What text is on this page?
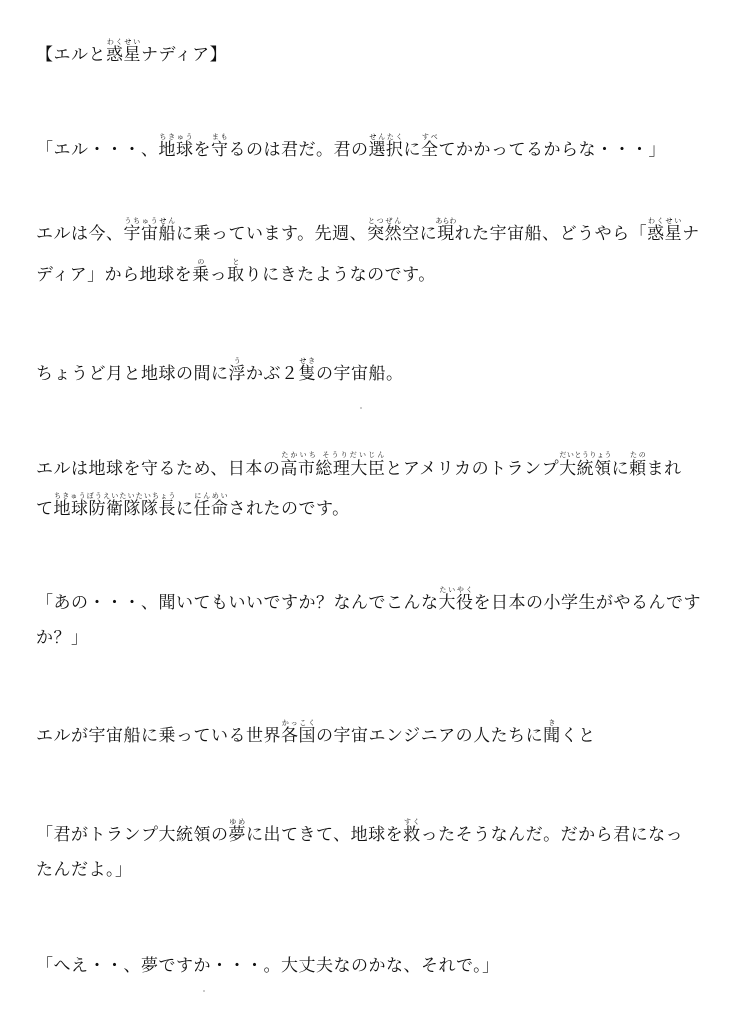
【エルと惑星わくせいナディア】
「エル・・・、地球ちきゅうを守まもるのは君だ。君の選択せんたくに全すべてかかってるからな・・・」
エルは今、宇宙船うちゅうせんに乗っています。先週、突然とつぜん空に現あらわれた宇宙船、どうやら「惑星わくせいナ
ディア」から地球を乗のっ取とりにきたようなのです。
ちょうど月と地球の間に浮うかぶ２隻せきの宇宙船。
エルは地球を守るため、日本の高市総理大臣たかいち そうりだいじんとアメリカのトランプ大統領だいとうりょうに頼たのまれ
て地球防衛隊隊長ちきゅうぼうえいたいたいちょうに任命にんめいされたのです。
「あの・・・、聞いてもいいですか？なんでこんな大役たいやくを日本の小学生がやるんです
か？」
エルが宇宙船に乗っている世界各国かっこくの宇宙エンジニアの人たちに聞きくと
「君がトランプ大統領の夢ゆめに出てきて、地球を救すくったそうなんだ。だから君になっ
たんだよ。」
「へえ・・、夢ですか・・・。大丈夫なのかな、それで。」
